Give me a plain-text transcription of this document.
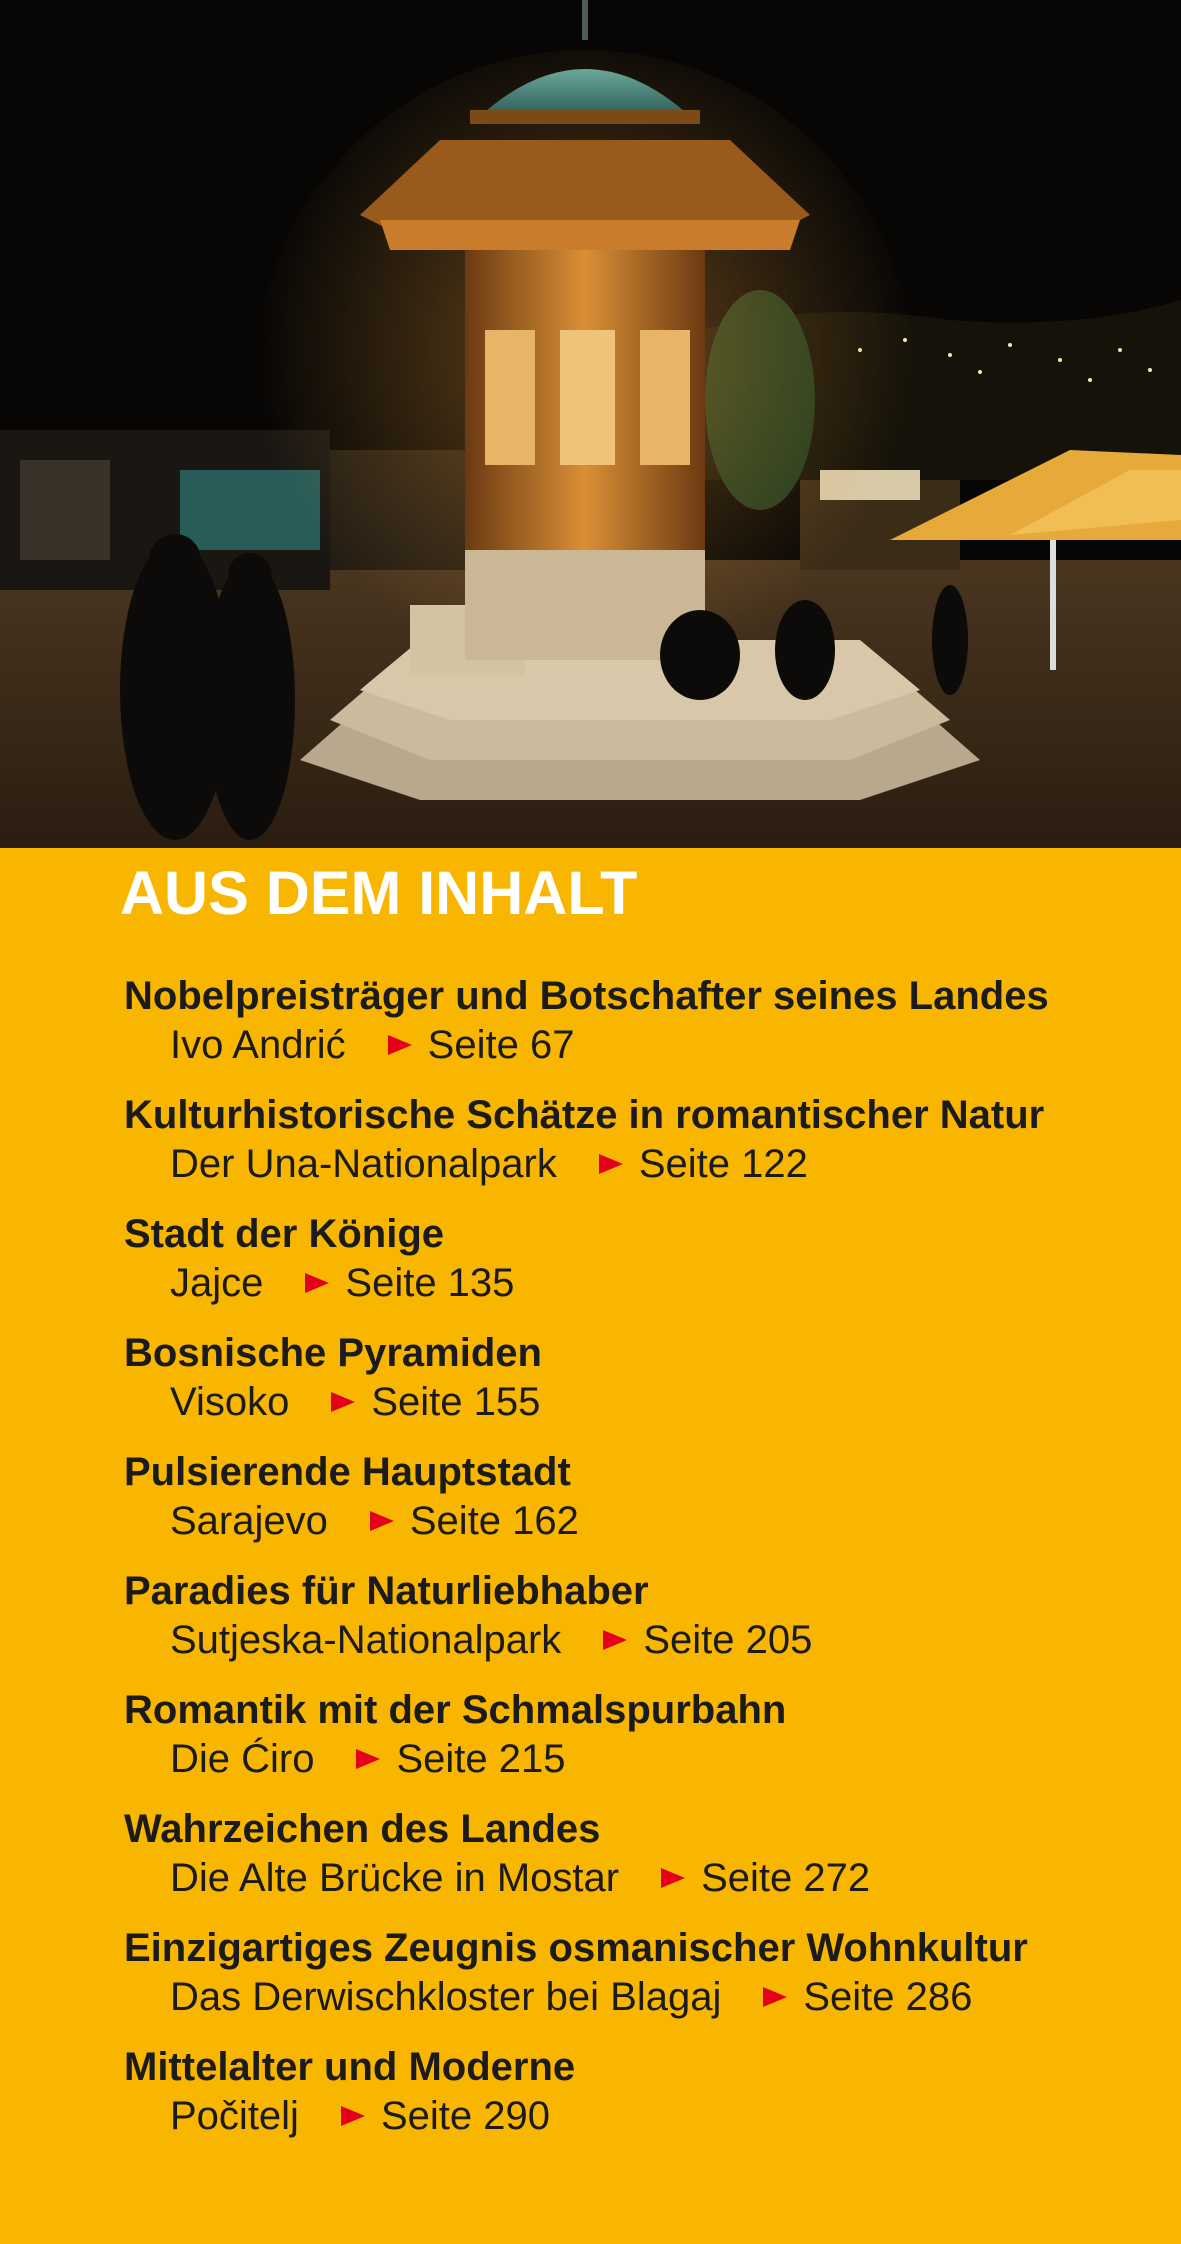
AUS DEM INHALT
Nobelpreisträger und Botschafter seines Landes
Ivo Andrić Seite 67
Kulturhistorische Schätze in romantischer Natur
Der Una-Nationalpark Seite 122
Stadt der Könige
Jajce Seite 135
Bosnische Pyramiden
Visoko Seite 155
Pulsierende Hauptstadt
Sarajevo Seite 162
Paradies für Naturliebhaber
Sutjeska-Nationalpark Seite 205
Romantik mit der Schmalspurbahn
Die Ćiro Seite 215
Wahrzeichen des Landes
Die Alte Brücke in Mostar Seite 272
Einzigartiges Zeugnis osmanischer Wohnkultur
Das Derwischkloster bei Blagaj Seite 286
Mittelalter und Moderne
Počitelj Seite 290
